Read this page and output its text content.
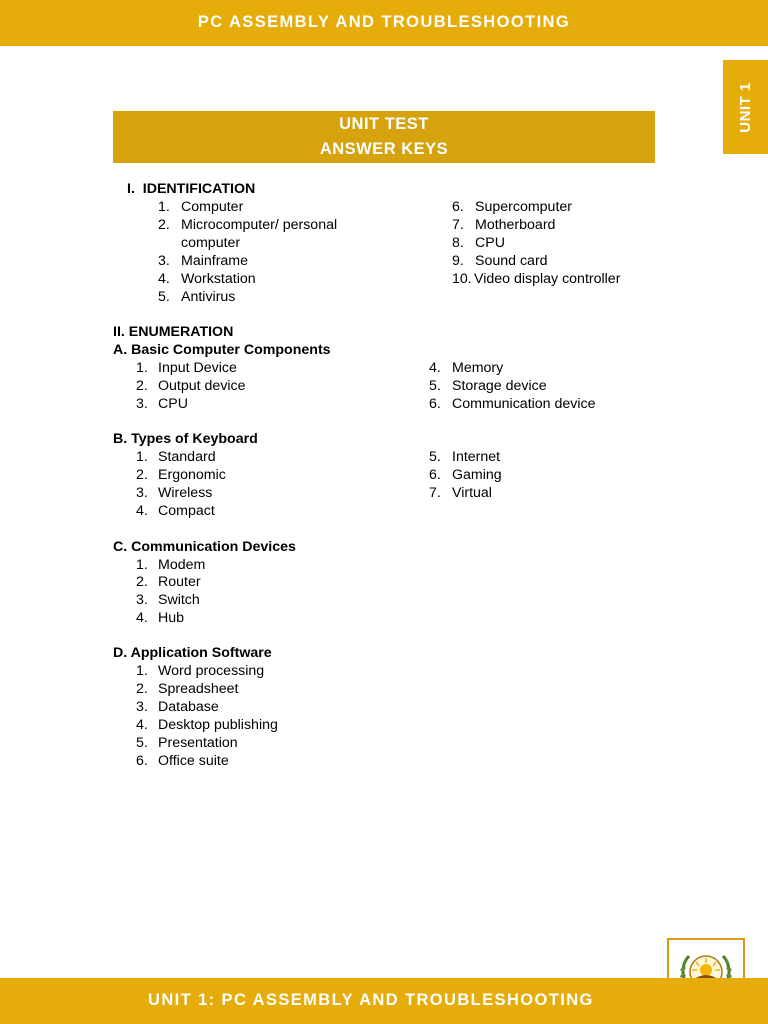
PC ASSEMBLY AND TROUBLESHOOTING
UNIT 1
UNIT TEST
ANSWER KEYS
I. IDENTIFICATION
1. Computer
2. Microcomputer/ personal
computer
3. Mainframe
4. Workstation
5. Antivirus
6. Supercomputer
7. Motherboard
8. CPU
9. Sound card
10. Video display controller
II. ENUMERATION
A. Basic Computer Components
1. Input Device
2. Output device
3. CPU
4. Memory
5. Storage device
6. Communication device
B. Types of Keyboard
1. Standard
2. Ergonomic
3. Wireless
4. Compact
5. Internet
6. Gaming
7. Virtual
C. Communication Devices
1. Modem
2. Router
3. Switch
4. Hub
D. Application Software
1. Word processing
2. Spreadsheet
3. Database
4. Desktop publishing
5. Presentation
6. Office suite
UNIT 1: PC ASSEMBLY AND TROUBLESHOOTING
